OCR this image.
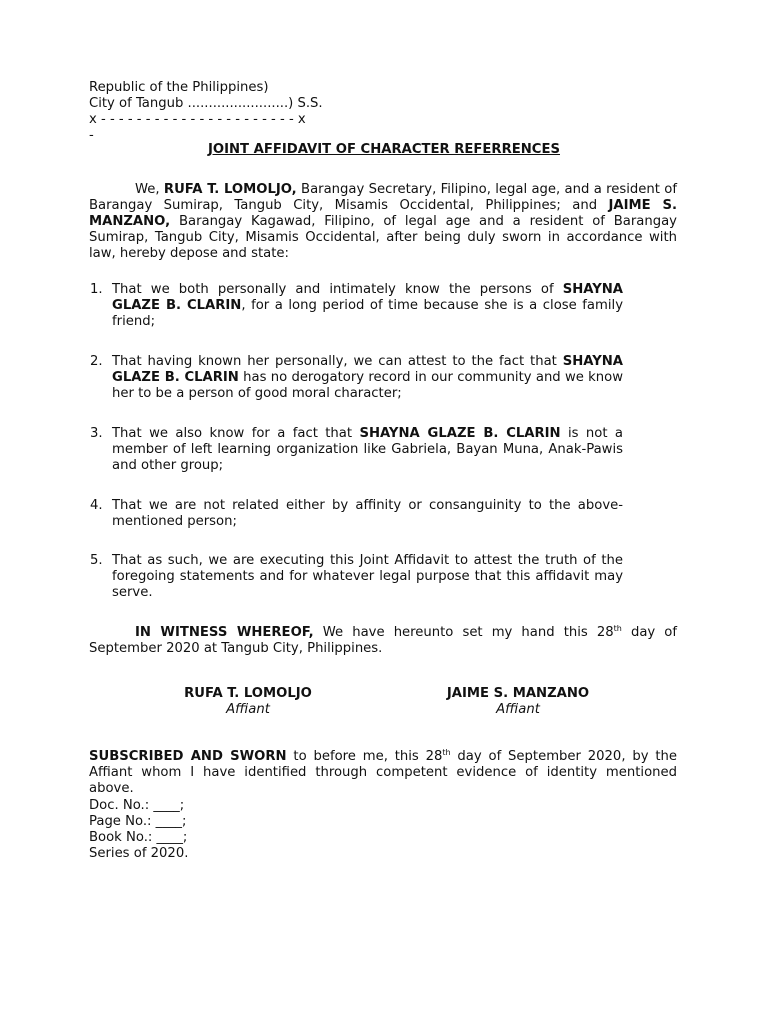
Republic of the Philippines)
City of Tangub ........................) S.S.
x - - - - - - - - - - - - - - - - - - - - - - x
-
JOINT AFFIDAVIT OF CHARACTER REFERRENCES
We, RUFA T. LOMOLJO, Barangay Secretary, Filipino, legal age, and a resident of Barangay Sumirap, Tangub City, Misamis Occidental, Philippines; and JAIME S. MANZANO, Barangay Kagawad, Filipino, of legal age and a resident of Barangay Sumirap, Tangub City, Misamis Occidental, after being duly sworn in accordance with law, hereby depose and state:
1. That we both personally and intimately know the persons of SHAYNA GLAZE B. CLARIN, for a long period of time because she is a close family friend;
2. That having known her personally, we can attest to the fact that SHAYNA GLAZE B. CLARIN has no derogatory record in our community and we know her to be a person of good moral character;
3. That we also know for a fact that SHAYNA GLAZE B. CLARIN is not a member of left learning organization like Gabriela, Bayan Muna, Anak-Pawis and other group;
4. That we are not related either by affinity or consanguinity to the above-mentioned person;
5. That as such, we are executing this Joint Affidavit to attest the truth of the foregoing statements and for whatever legal purpose that this affidavit may serve.
IN WITNESS WHEREOF, We have hereunto set my hand this 28th day of September 2020 at Tangub City, Philippines.
RUFA T. LOMOLJO
Affiant
JAIME S. MANZANO
Affiant
SUBSCRIBED AND SWORN to before me, this 28th day of September 2020, by the Affiant whom I have identified through competent evidence of identity mentioned above.
Doc. No.: ____;
Page No.: ____;
Book No.: ____;
Series of 2020.
